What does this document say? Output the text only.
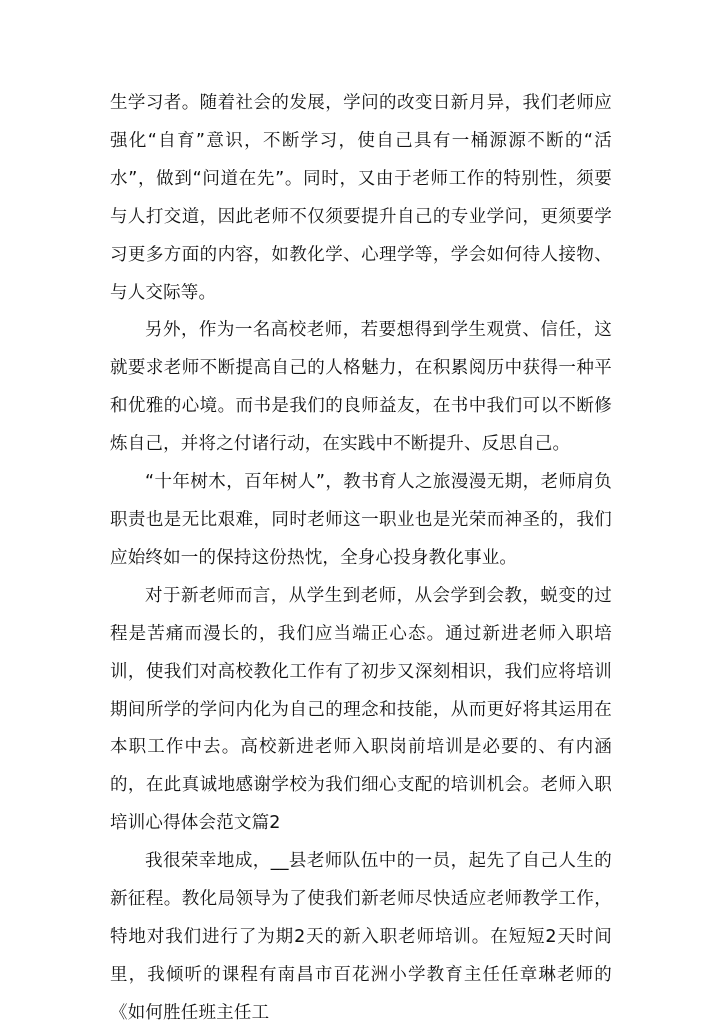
生学习者。随着社会的发展，学问的改变日新月异，我们老师应强化“自育”意识，不断学习，使自己具有一桶源源不断的“活水”，做到“问道在先”。同时，又由于老师工作的特别性，须要与人打交道，因此老师不仅须要提升自己的专业学问，更须要学习更多方面的内容，如教化学、心理学等，学会如何待人接物、与人交际等。

另外，作为一名高校老师，若要想得到学生观赏、信任，这就要求老师不断提高自己的人格魅力，在积累阅历中获得一种平和优雅的心境。而书是我们的良师益友，在书中我们可以不断修炼自己，并将之付诸行动，在实践中不断提升、反思自己。

“十年树木，百年树人”，教书育人之旅漫漫无期，老师肩负职责也是无比艰难，同时老师这一职业也是光荣而神圣的，我们应始终如一的保持这份热忱，全身心投身教化事业。

对于新老师而言，从学生到老师，从会学到会教，蜕变的过程是苦痛而漫长的，我们应当端正心态。通过新进老师入职培训，使我们对高校教化工作有了初步又深刻相识，我们应将培训期间所学的学问内化为自己的理念和技能，从而更好将其运用在本职工作中去。高校新进老师入职岗前培训是必要的、有内涵的，在此真诚地感谢学校为我们细心支配的培训机会。老师入职培训心得体会范文篇2

我很荣幸地成，__县老师队伍中的一员，起先了自己人生的新征程。教化局领导为了使我们新老师尽快适应老师教学工作，特地对我们进行了为期2天的新入职老师培训。在短短2天时间里，我倾听的课程有南昌市百花洲小学教育主任任章琳老师的《如何胜任班主任工
